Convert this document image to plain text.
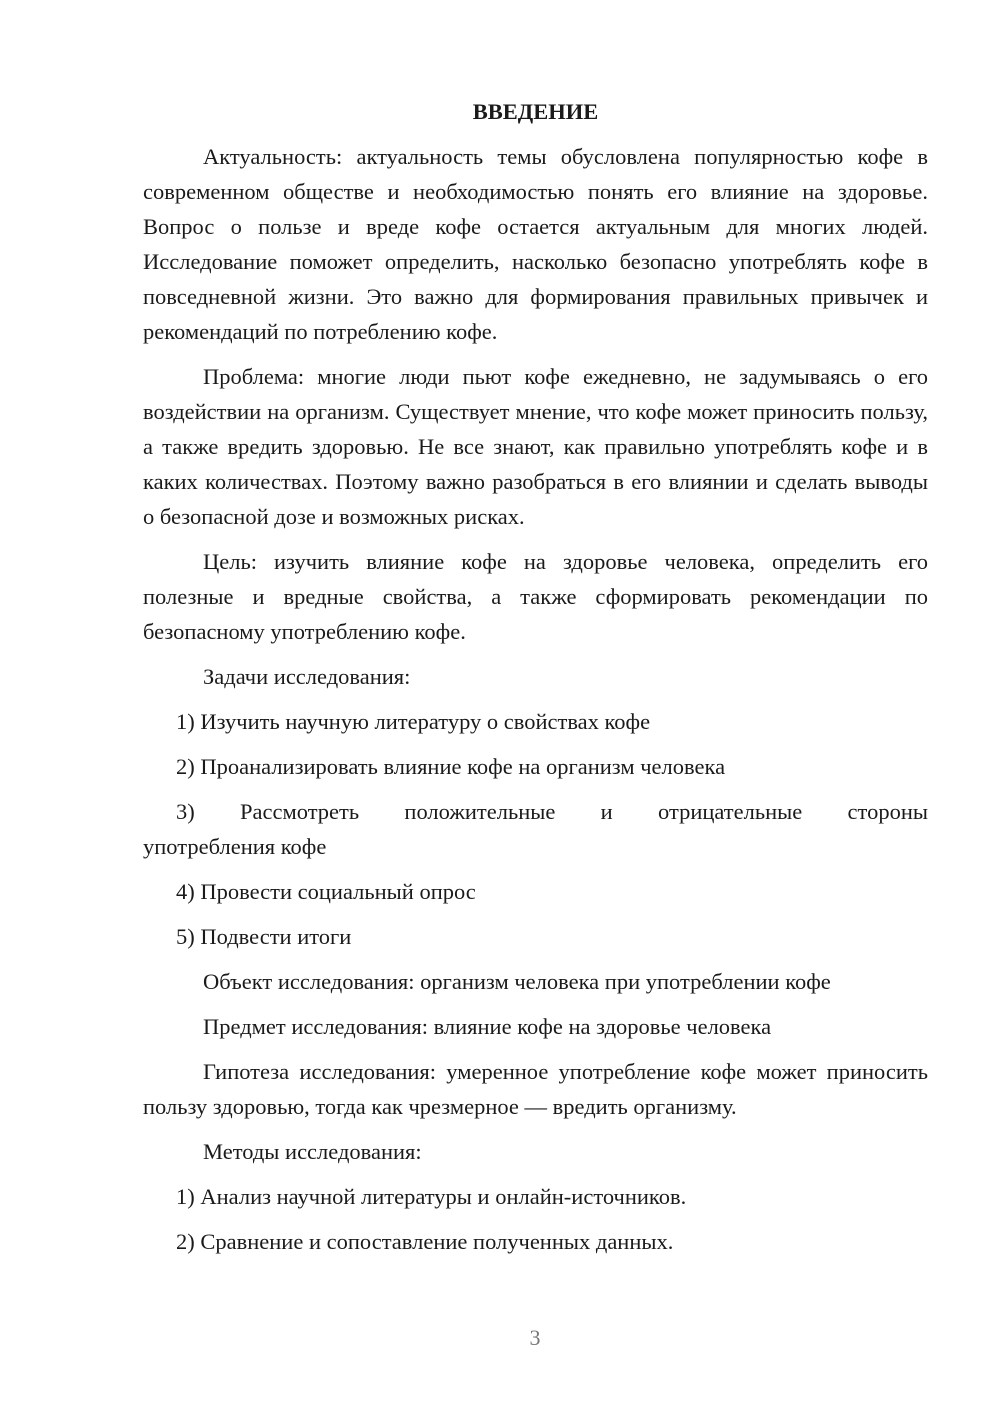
ВВЕДЕНИЕ
Актуальность: актуальность темы обусловлена популярностью кофе в современном обществе и необходимостью понять его влияние на здоровье. Вопрос о пользе и вреде кофе остается актуальным для многих людей. Исследование поможет определить, насколько безопасно употреблять кофе в повседневной жизни. Это важно для формирования правильных привычек и рекомендаций по потреблению кофе.
Проблема: многие люди пьют кофе ежедневно, не задумываясь о его воздействии на организм. Существует мнение, что кофе может приносить пользу, а также вредить здоровью. Не все знают, как правильно употреблять кофе и в каких количествах. Поэтому важно разобраться в его влиянии и сделать выводы о безопасной дозе и возможных рисках.
Цель: изучить влияние кофе на здоровье человека, определить его полезные и вредные свойства, а также сформировать рекомендации по безопасному употреблению кофе.
Задачи исследования:
1) Изучить научную литературу о свойствах кофе
2) Проанализировать влияние кофе на организм человека
3) Рассмотреть положительные и отрицательные стороны
употребления кофе
4) Провести социальный опрос
5) Подвести итоги
Объект исследования: организм человека при употреблении кофе
Предмет исследования: влияние кофе на здоровье человека
Гипотеза исследования: умеренное употребление кофе может приносить пользу здоровью, тогда как чрезмерное — вредить организму.
Методы исследования:
1) Анализ научной литературы и онлайн-источников.
2) Сравнение и сопоставление полученных данных.
3
